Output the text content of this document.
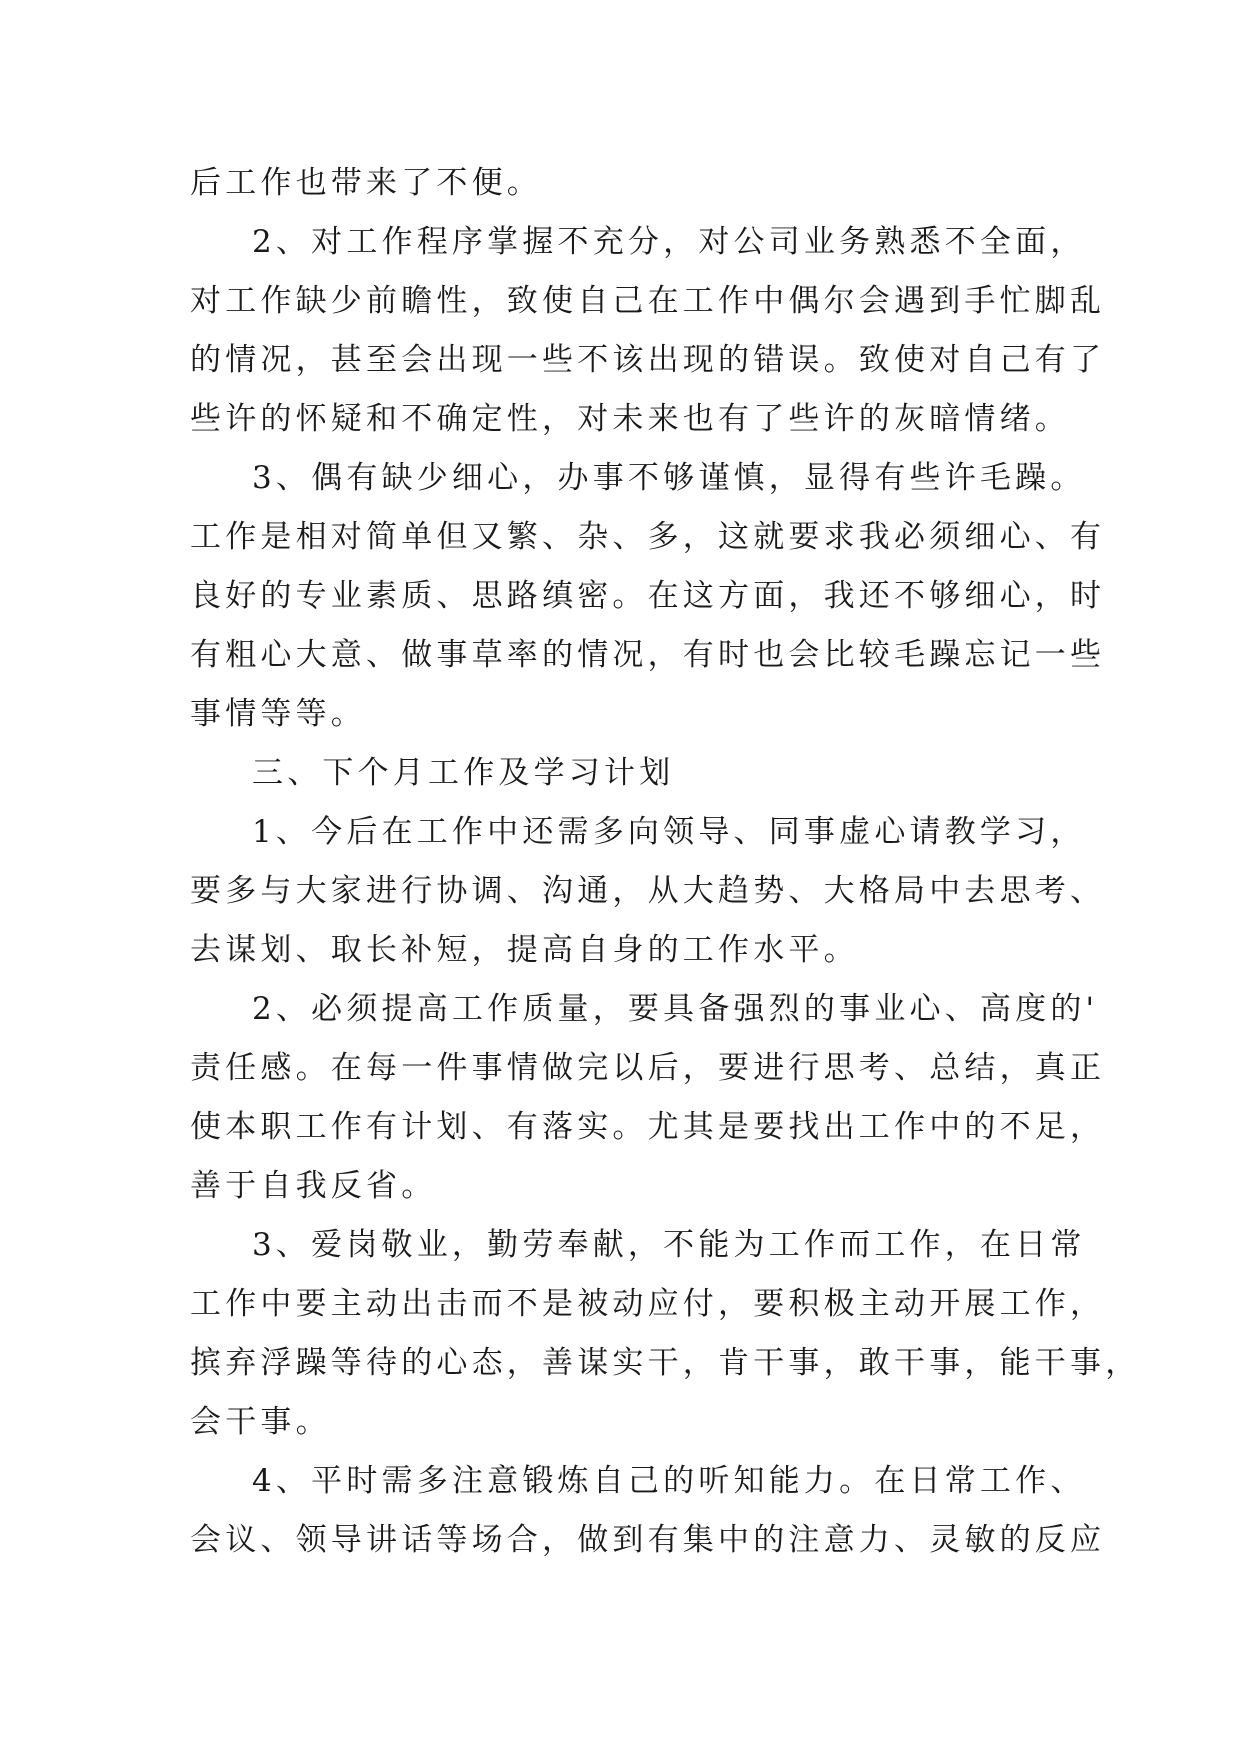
后工作也带来了不便。
2、对工作程序掌握不充分，对公司业务熟悉不全面，
对工作缺少前瞻性，致使自己在工作中偶尔会遇到手忙脚乱
的情况，甚至会出现一些不该出现的错误。致使对自己有了
些许的怀疑和不确定性，对未来也有了些许的灰暗情绪。
3、偶有缺少细心，办事不够谨慎，显得有些许毛躁。
工作是相对简单但又繁、杂、多，这就要求我必须细心、有
良好的专业素质、思路缜密。在这方面，我还不够细心，时
有粗心大意、做事草率的情况，有时也会比较毛躁忘记一些
事情等等。
三、下个月工作及学习计划
1、今后在工作中还需多向领导、同事虚心请教学习，
要多与大家进行协调、沟通，从大趋势、大格局中去思考、
去谋划、取长补短，提高自身的工作水平。
2、必须提高工作质量，要具备强烈的事业心、高度的'
责任感。在每一件事情做完以后，要进行思考、总结，真正
使本职工作有计划、有落实。尤其是要找出工作中的不足，
善于自我反省。
3、爱岗敬业，勤劳奉献，不能为工作而工作，在日常
工作中要主动出击而不是被动应付，要积极主动开展工作，
摈弃浮躁等待的心态，善谋实干，肯干事，敢干事，能干事，
会干事。
4、平时需多注意锻炼自己的听知能力。在日常工作、
会议、领导讲话等场合，做到有集中的注意力、灵敏的反应
